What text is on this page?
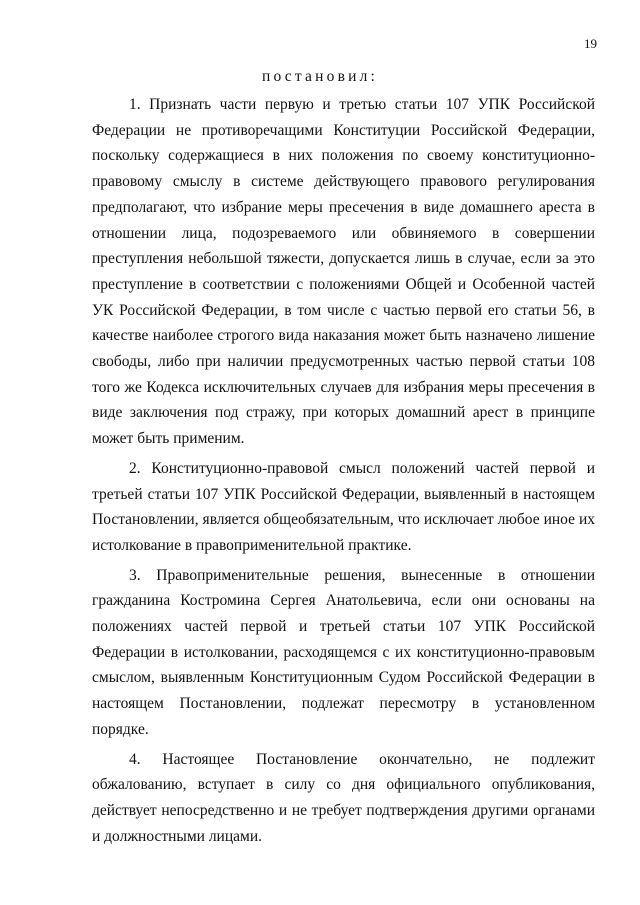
19
постановил:

1. Признать части первую и третью статьи 107 УПК Российской Федерации не противоречащими Конституции Российской Федерации, поскольку содержащиеся в них положения по своему конституционно-правовому смыслу в системе действующего правового регулирования предполагают, что избрание меры пресечения в виде домашнего ареста в отношении лица, подозреваемого или обвиняемого в совершении преступления небольшой тяжести, допускается лишь в случае, если за это преступление в соответствии с положениями Общей и Особенной частей УК Российской Федерации, в том числе с частью первой его статьи 56, в качестве наиболее строгого вида наказания может быть назначено лишение свободы, либо при наличии предусмотренных частью первой статьи 108 того же Кодекса исключительных случаев для избрания меры пресечения в виде заключения под стражу, при которых домашний арест в принципе может быть применим.

2. Конституционно-правовой смысл положений частей первой и третьей статьи 107 УПК Российской Федерации, выявленный в настоящем Постановлении, является общеобязательным, что исключает любое иное их истолкование в правоприменительной практике.

3. Правоприменительные решения, вынесенные в отношении гражданина Костромина Сергея Анатольевича, если они основаны на положениях частей первой и третьей статьи 107 УПК Российской Федерации в истолковании, расходящемся с их конституционно-правовым смыслом, выявленным Конституционным Судом Российской Федерации в настоящем Постановлении, подлежат пересмотру в установленном порядке.

4. Настоящее Постановление окончательно, не подлежит обжалованию, вступает в силу со дня официального опубликования, действует непосредственно и не требует подтверждения другими органами и должностными лицами.
